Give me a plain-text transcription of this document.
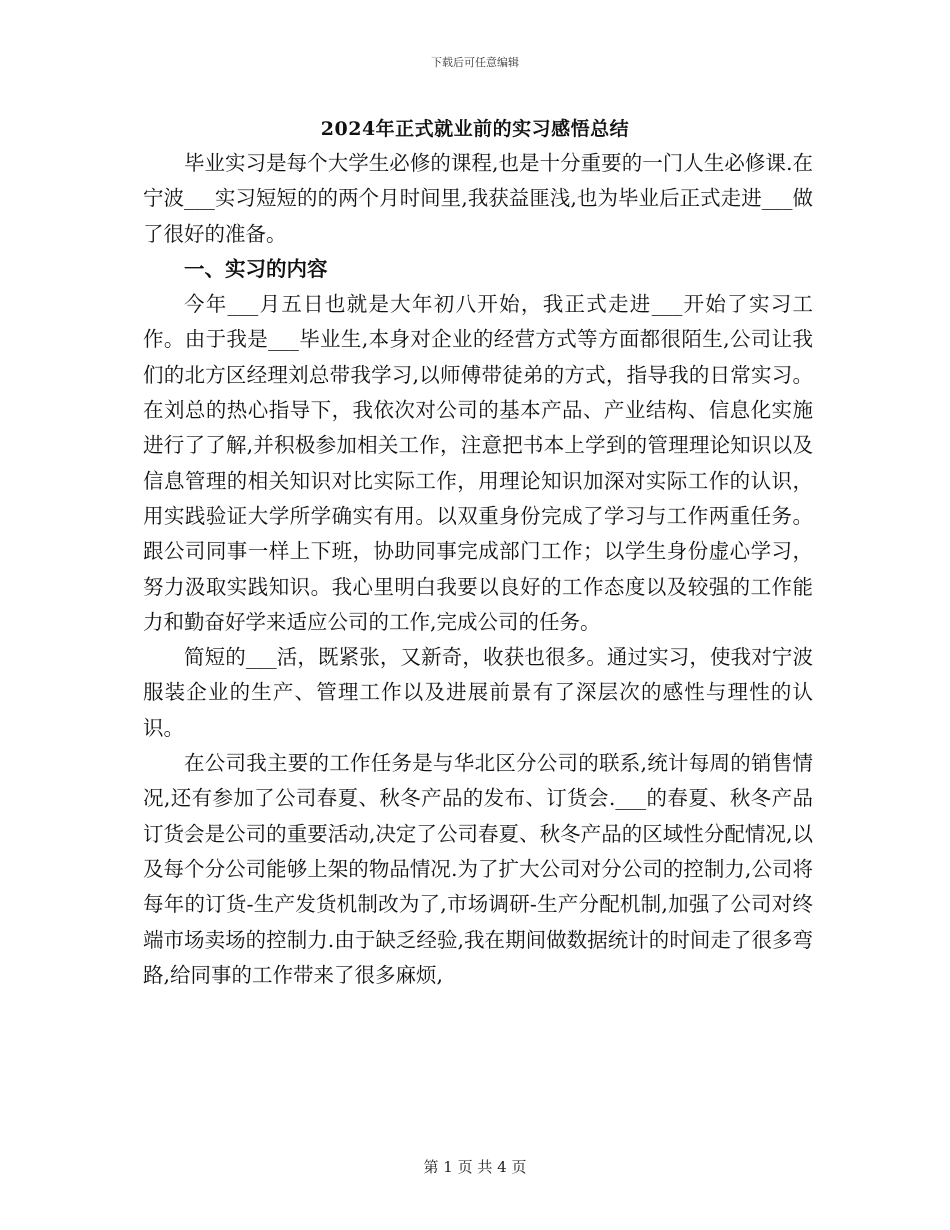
下载后可任意编辑
2024年正式就业前的实习感悟总结

毕业实习是每个大学生必修的课程,也是十分重要的一门人生必修课.在宁波___实习短短的的两个月时间里,我获益匪浅,也为毕业后正式走进___做了很好的准备。

一、实习的内容

今年___月五日也就是大年初八开始，我正式走进___开始了实习工作。由于我是___毕业生,本身对企业的经营方式等方面都很陌生,公司让我们的北方区经理刘总带我学习,以师傅带徒弟的方式，指导我的日常实习。在刘总的热心指导下，我依次对公司的基本产品、产业结构、信息化实施进行了了解,并积极参加相关工作，注意把书本上学到的管理理论知识以及信息管理的相关知识对比实际工作，用理论知识加深对实际工作的认识，用实践验证大学所学确实有用。以双重身份完成了学习与工作两重任务。跟公司同事一样上下班，协助同事完成部门工作；以学生身份虚心学习，努力汲取实践知识。我心里明白我要以良好的工作态度以及较强的工作能力和勤奋好学来适应公司的工作,完成公司的任务。

简短的___活，既紧张，又新奇，收获也很多。通过实习，使我对宁波服装企业的生产、管理工作以及进展前景有了深层次的感性与理性的认识。

在公司我主要的工作任务是与华北区分公司的联系,统计每周的销售情况,还有参加了公司春夏、秋冬产品的发布、订货会.___的春夏、秋冬产品订货会是公司的重要活动,决定了公司春夏、秋冬产品的区域性分配情况,以及每个分公司能够上架的物品情况.为了扩大公司对分公司的控制力,公司将每年的订货-生产发货机制改为了,市场调研-生产分配机制,加强了公司对终端市场卖场的控制力.由于缺乏经验,我在期间做数据统计的时间走了很多弯路,给同事的工作带来了很多麻烦,

第 1 页 共 4 页
